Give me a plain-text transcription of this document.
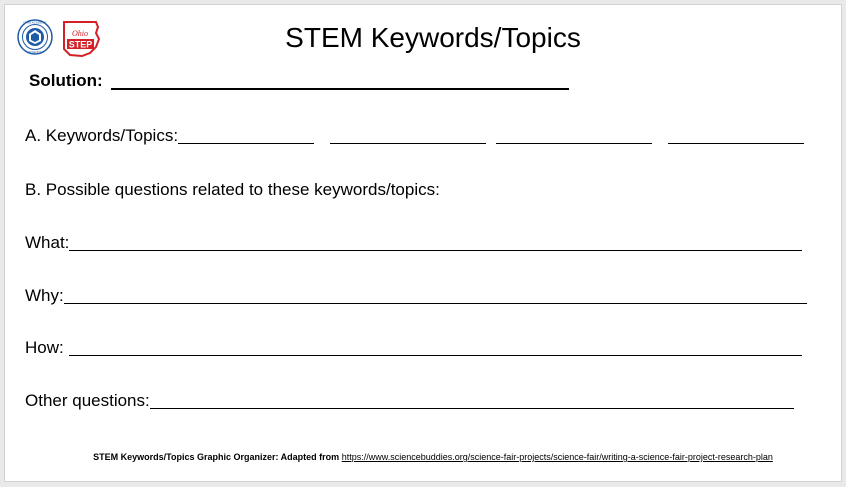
OHIO ACADEMY
SCIENCE
Ohio
STEP	STEM Keywords/Topics
Solution:
A. Keywords/Topics:
B. Possible questions related to these keywords/topics:
What:
Why:
How:
Other questions:
STEM Keywords/Topics Graphic Organizer: Adapted from https://www.sciencebuddies.org/science-fair-projects/science-fair/writing-a-science-fair-project-research-plan
